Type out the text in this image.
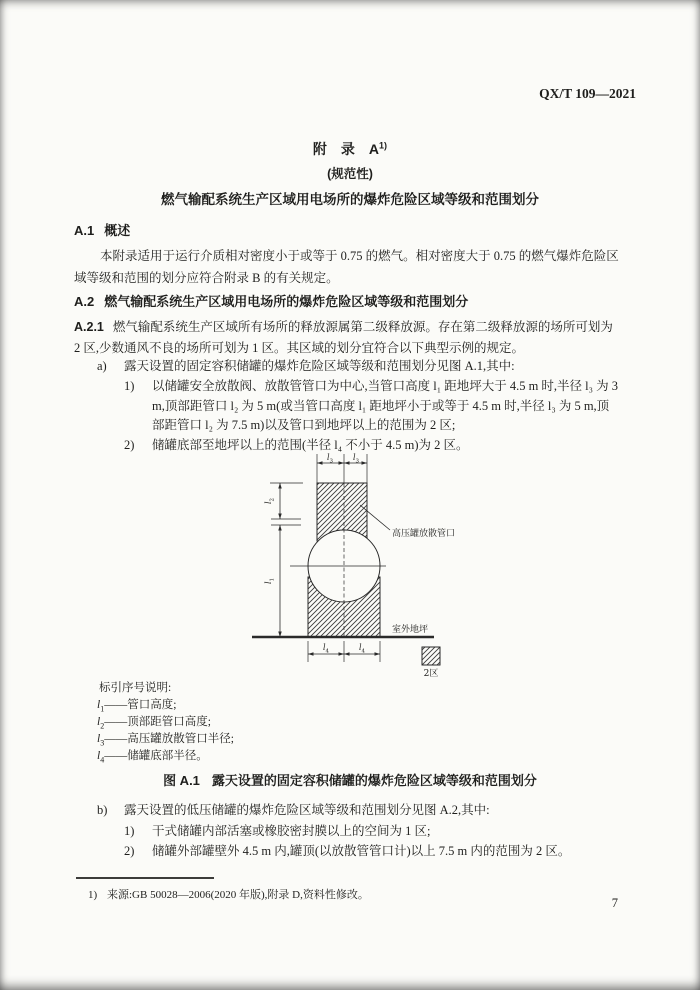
QX/T 109—2021
附　录　$A^{1)}$
(规范性)
燃气输配系统生产区域用电场所的爆炸危险区域等级和范围划分
A.1 概述
本附录适用于运行介质相对密度小于或等于 0.75 的燃气。相对密度大于 0.75 的燃气爆炸危险区
域等级和范围的划分应符合附录 B 的有关规定。
A.2 燃气输配系统生产区域用电场所的爆炸危险区域等级和范围划分
A.2.1 燃气输配系统生产区域所有场所的释放源属第二级释放源。存在第二级释放源的场所可划为
2 区,少数通风不良的场所可划为 1 区。其区域的划分宜符合以下典型示例的规定。
a) 露天设置的固定容积储罐的爆炸危险区域等级和范围划分见图 A.1,其中:
1) 以储罐安全放散阀、放散管管口为中心,当管口高度 l₁ 距地坪大于 4.5 m 时,半径 l₃ 为 3
m,顶部距管口 l₂ 为 5 m(或当管口高度 l₁ 距地坪小于或等于 4.5 m 时,半径 l₃ 为 5 m,顶
部距管口 l₂ 为 7.5 m)以及管口到地坪以上的范围为 2 区;
2) 储罐底部至地坪以上的范围(半径 l₄ 不小于 4.5 m)为 2 区。
$l_3$ $l_3$
$l_2$
$l_1$
高压罐放散管口
室外地坪
$l_4$	$l_4$
2区
标引序号说明:
$l_1——$管口高度;
$l_2——$顶部距管口高度;
$l_3——$高压罐放散管口半径;
$l_4——$储罐底部半径。
图 A.1 露天设置的固定容积储罐的爆炸危险区域等级和范围划分
b) 露天设置的低压储罐的爆炸危险区域等级和范围划分见图 A.2,其中:
1) 干式储罐内部活塞或橡胶密封膜以上的空间为 1 区;
2) 储罐外部罐壁外 4.5 m 内,罐顶(以放散管管口计)以上 7.5 m 内的范围为 2 区。
1) 来源:GB 50028—2006(2020 年版),附录 D,资料性修改。
7
